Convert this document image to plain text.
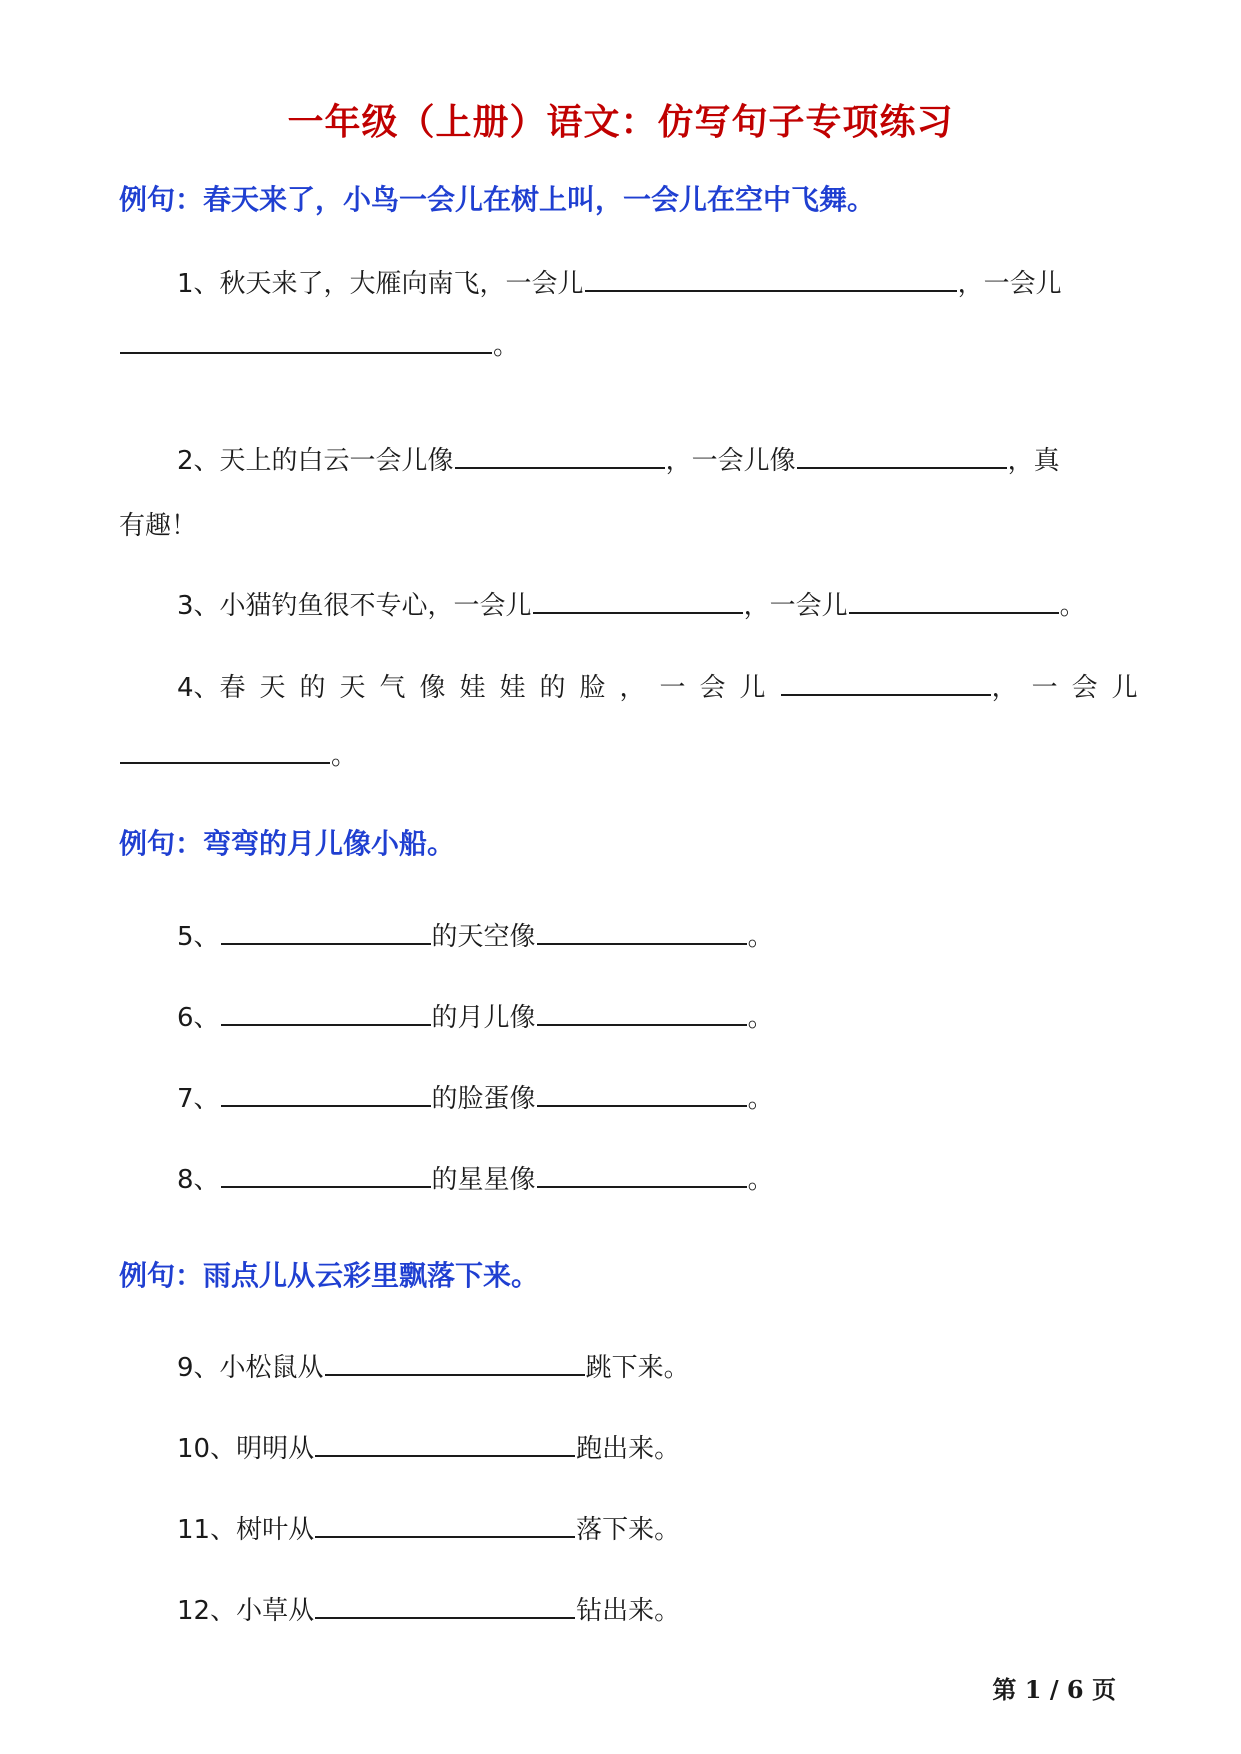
一年级（上册）语文：仿写句子专项练习
例句：春天来了，小鸟一会儿在树上叫，一会儿在空中飞舞。
1、秋天来了，大雁向南飞，一会儿	，一会儿
。
2、天上的白云一会儿像	，一会儿像	，真
有趣！
3、小猫钓鱼很不专心，一会儿	，一会儿	。
4、春天的天气像娃娃的脸，一会儿	，一会儿
。
例句：弯弯的月儿像小船。
5、	的天空像	。
6、	的月儿像	。
7、	的脸蛋像	。
8、	的星星像	。
例句：雨点儿从云彩里飘落下来。
9、小松鼠从	跳下来。
10、明明从	跑出来。
11、树叶从	落下来。
12、小草从	钻出来。
第 1 / 6 页
